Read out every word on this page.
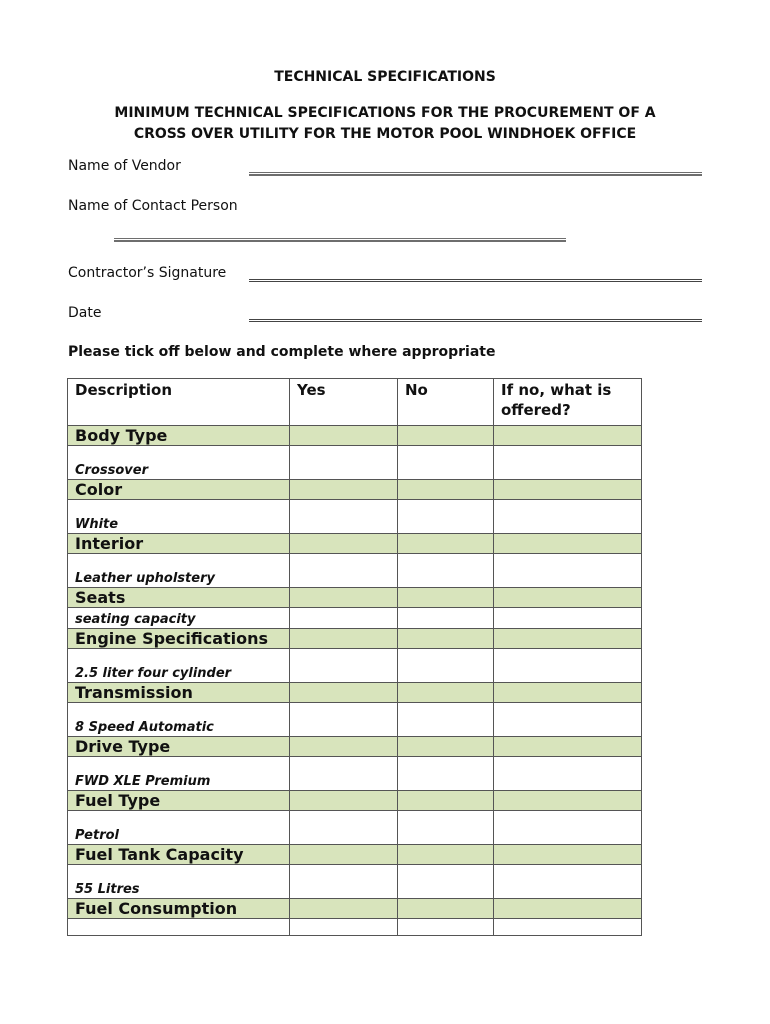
TECHNICAL SPECIFICATIONS
MINIMUM TECHNICAL SPECIFICATIONS FOR THE PROCUREMENT OF A
CROSS OVER UTILITY FOR THE MOTOR POOL WINDHOEK OFFICE
Name of Vendor
Name of Contact Person
Contractor’s Signature
Date
Please tick off below and complete where appropriate
Description	Yes	No	If no, what is offered?
Body Type			
Crossover			
Color			
White			
Interior			
Leather upholstery			
Seats			
seating capacity			
Engine Specifications			
2.5 liter four cylinder			
Transmission			
8 Speed Automatic			
Drive Type			
FWD XLE Premium			
Fuel Type			
Petrol			
Fuel Tank Capacity			
55 Litres			
Fuel Consumption			
